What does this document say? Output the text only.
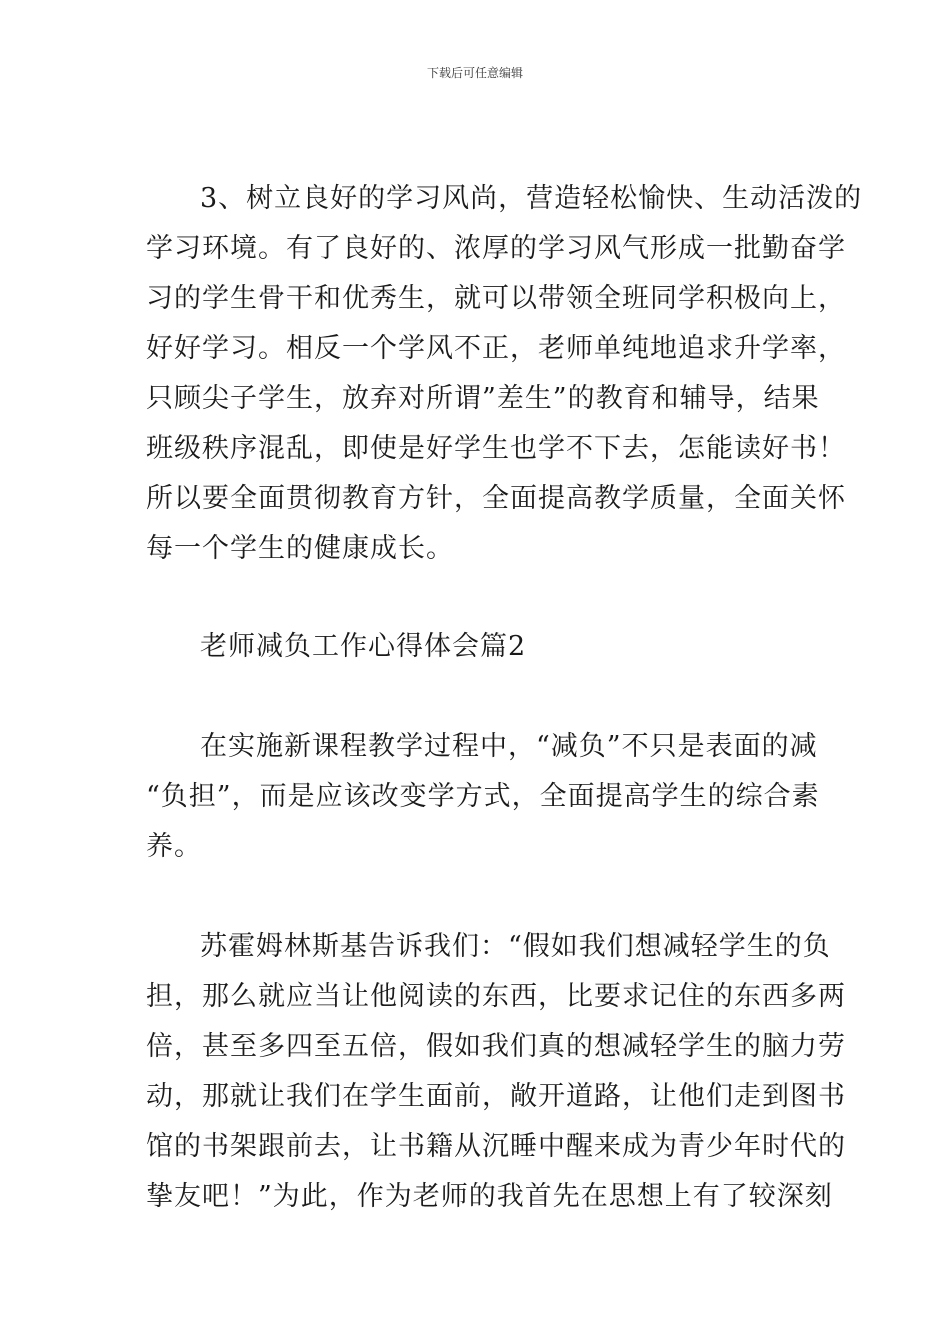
下载后可任意编辑
3、树立良好的学习风尚，营造轻松愉快、生动活泼的
学习环境。有了良好的、浓厚的学习风气形成一批勤奋学
习的学生骨干和优秀生，就可以带领全班同学积极向上，
好好学习。相反一个学风不正，老师单纯地追求升学率，
只顾尖子学生，放弃对所谓”差生”的教育和辅导，结果
班级秩序混乱，即使是好学生也学不下去，怎能读好书！
所以要全面贯彻教育方针，全面提高教学质量，全面关怀
每一个学生的健康成长。
老师减负工作心得体会篇2
在实施新课程教学过程中，“减负”不只是表面的减
“负担”，而是应该改变学方式，全面提高学生的综合素
养。
苏霍姆林斯基告诉我们：“假如我们想减轻学生的负
担，那么就应当让他阅读的东西，比要求记住的东西多两
倍，甚至多四至五倍，假如我们真的想减轻学生的脑力劳
动，那就让我们在学生面前，敞开道路，让他们走到图书
馆的书架跟前去，让书籍从沉睡中醒来成为青少年时代的
挚友吧！”为此，作为老师的我首先在思想上有了较深刻
